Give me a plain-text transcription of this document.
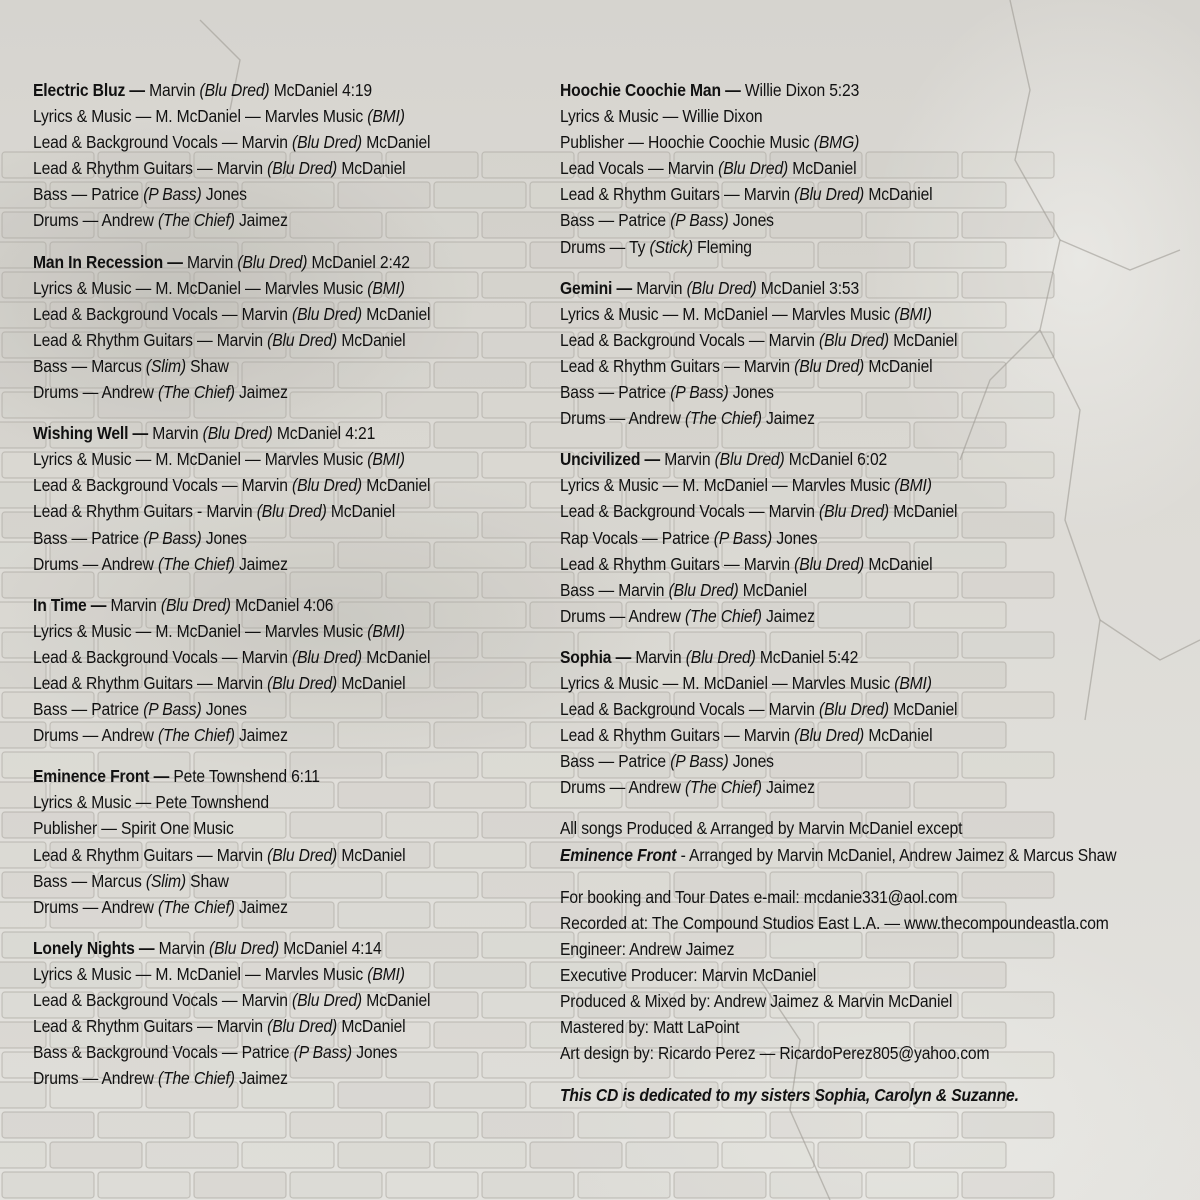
Electric Bluz — Marvin (Blu Dred) McDaniel 4:19
Lyrics & Music — M. McDaniel — Marvles Music (BMI)
Lead & Background Vocals — Marvin (Blu Dred) McDaniel
Lead & Rhythm Guitars — Marvin (Blu Dred) McDaniel
Bass — Patrice (P Bass) Jones
Drums — Andrew (The Chief) Jaimez
Man In Recession — Marvin (Blu Dred) McDaniel 2:42
Lyrics & Music — M. McDaniel — Marvles Music (BMI)
Lead & Background Vocals — Marvin (Blu Dred) McDaniel
Lead & Rhythm Guitars — Marvin (Blu Dred) McDaniel
Bass — Marcus (Slim) Shaw
Drums — Andrew (The Chief) Jaimez
Wishing Well — Marvin (Blu Dred) McDaniel 4:21
Lyrics & Music — M. McDaniel — Marvles Music (BMI)
Lead & Background Vocals — Marvin (Blu Dred) McDaniel
Lead & Rhythm Guitars - Marvin (Blu Dred) McDaniel
Bass — Patrice (P Bass) Jones
Drums — Andrew (The Chief) Jaimez
In Time — Marvin (Blu Dred) McDaniel 4:06
Lyrics & Music — M. McDaniel — Marvles Music (BMI)
Lead & Background Vocals — Marvin (Blu Dred) McDaniel
Lead & Rhythm Guitars — Marvin (Blu Dred) McDaniel
Bass — Patrice (P Bass) Jones
Drums — Andrew (The Chief) Jaimez
Eminence Front — Pete Townshend 6:11
Lyrics & Music — Pete Townshend
Publisher — Spirit One Music
Lead & Rhythm Guitars — Marvin (Blu Dred) McDaniel
Bass — Marcus (Slim) Shaw
Drums — Andrew (The Chief) Jaimez
Lonely Nights — Marvin (Blu Dred) McDaniel 4:14
Lyrics & Music — M. McDaniel — Marvles Music (BMI)
Lead & Background Vocals — Marvin (Blu Dred) McDaniel
Lead & Rhythm Guitars — Marvin (Blu Dred) McDaniel
Bass & Background Vocals — Patrice (P Bass) Jones
Drums — Andrew (The Chief) Jaimez
Hoochie Coochie Man — Willie Dixon 5:23
Lyrics & Music — Willie Dixon
Publisher — Hoochie Coochie Music (BMG)
Lead Vocals — Marvin (Blu Dred) McDaniel
Lead & Rhythm Guitars — Marvin (Blu Dred) McDaniel
Bass — Patrice (P Bass) Jones
Drums — Ty (Stick) Fleming
Gemini — Marvin (Blu Dred) McDaniel 3:53
Lyrics & Music — M. McDaniel — Marvles Music (BMI)
Lead & Background Vocals — Marvin (Blu Dred) McDaniel
Lead & Rhythm Guitars — Marvin (Blu Dred) McDaniel
Bass — Patrice (P Bass) Jones
Drums — Andrew (The Chief) Jaimez
Uncivilized — Marvin (Blu Dred) McDaniel 6:02
Lyrics & Music — M. McDaniel — Marvles Music (BMI)
Lead & Background Vocals — Marvin (Blu Dred) McDaniel
Rap Vocals — Patrice (P Bass) Jones
Lead & Rhythm Guitars — Marvin (Blu Dred) McDaniel
Bass — Marvin (Blu Dred) McDaniel
Drums — Andrew (The Chief) Jaimez
Sophia — Marvin (Blu Dred) McDaniel 5:42
Lyrics & Music — M. McDaniel — Marvles Music (BMI)
Lead & Background Vocals — Marvin (Blu Dred) McDaniel
Lead & Rhythm Guitars — Marvin (Blu Dred) McDaniel
Bass — Patrice (P Bass) Jones
Drums — Andrew (The Chief) Jaimez
All songs Produced & Arranged by Marvin McDaniel except
Eminence Front - Arranged by Marvin McDaniel, Andrew Jaimez & Marcus Shaw
For booking and Tour Dates e-mail: mcdanie331@aol.com
Recorded at: The Compound Studios East L.A. — www.thecompoundeastla.com
Engineer: Andrew Jaimez
Executive Producer: Marvin McDaniel
Produced & Mixed by: Andrew Jaimez & Marvin McDaniel
Mastered by: Matt LaPoint
Art design by: Ricardo Perez — RicardoPerez805@yahoo.com
This CD is dedicated to my sisters Sophia, Carolyn & Suzanne.
